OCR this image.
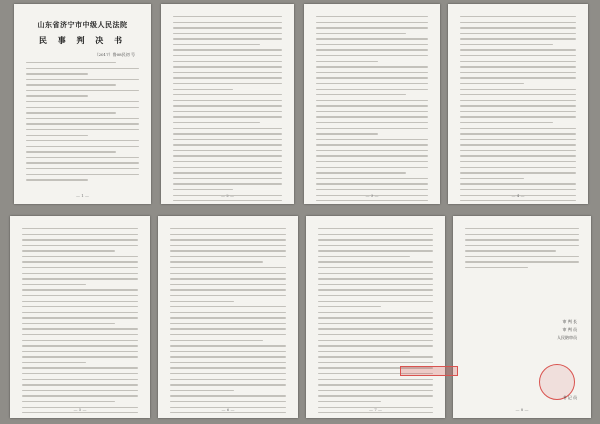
山东省济宁市中级人民法院
民 事 判 决 书
（2017）鲁08民初 号
— 1 —	— 2 —	— 3 —	— 4 —
— 5 —	— 6 —	— 7 —
审 判 长
审 判 员
人民陪审员
书 记 员
— 8 —
